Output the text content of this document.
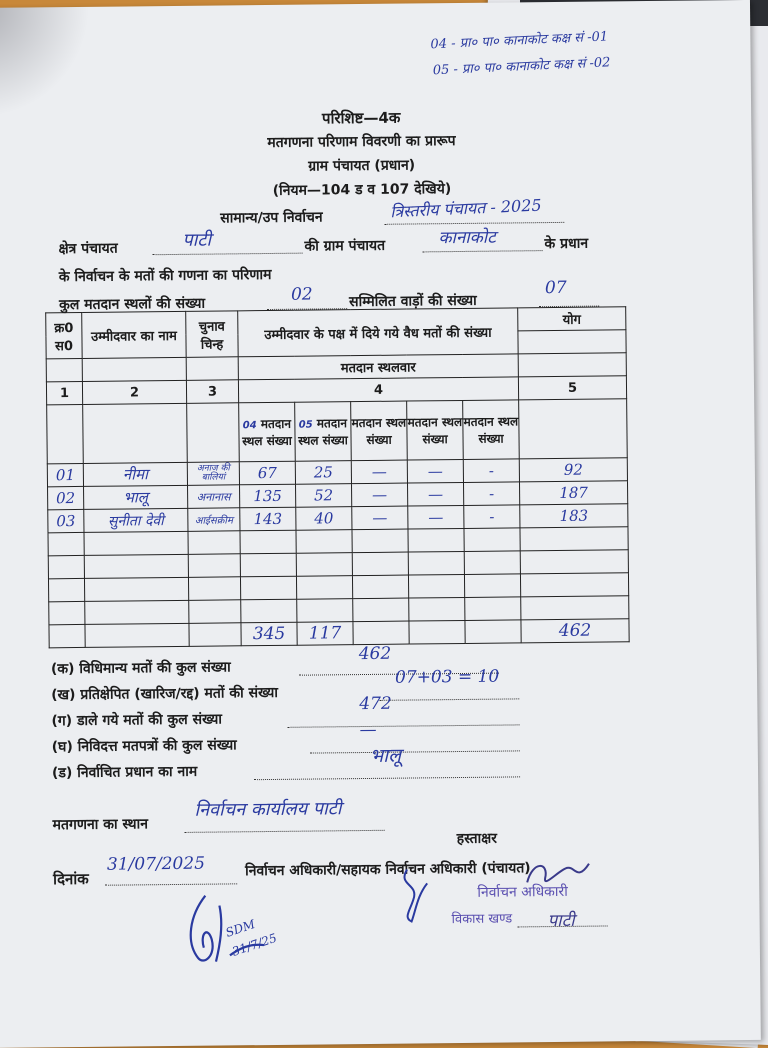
04 - प्रा० पा० कानाकोट कक्ष सं -01
05 - प्रा० पा० कानाकोट कक्ष सं -02
परिशिष्ट—4क
मतगणना परिणाम विवरणी का प्रारूप
ग्राम पंचायत (प्रधान)
(नियम—104 ड व 107 देखिये)
सामान्य/उप निर्वाचन	त्रिस्तरीय पंचायत - 2025
क्षेत्र पंचायत	पाटी	की ग्राम पंचायत	कानाकोट	के प्रधान
के निर्वाचन के मतों की गणना का परिणाम
कुल मतदान स्थलों की संख्या	02	सम्मिलित वाड़ों की संख्या
07
क्र0 स0	उम्मीदवार का नाम	चुनाव चिन्ह	उम्मीदवार के पक्ष में दिये गये वैध मतों की संख्या					योग

			मतदान स्थलवार					
1	2	3	4					5
			04 मतदान स्थल संख्या	05 मतदान स्थल संख्या	मतदान स्थल संख्या	मतदान स्थल संख्या	मतदान स्थल संख्या	
01	नीमा	अनाज की बालियां	67	25	—	—	-	92
02	भालू	अनानास	135	52	—	—	-	187
03	सुनीता देवी	आईसक्रीम	143	40	—	—	-	183

			345	117				462
(क) विधिमान्य मतों की कुल संख्या
462
(ख) प्रतिक्षेपित (खारिज/रद्द) मतों की संख्या
07+03 = 10
(ग) डाले गये मतों की कुल संख्या
472
(घ) निविदत्त मतपत्रों की कुल संख्या
—
(ड) निर्वाचित प्रधान का नाम
भालू
मतगणना का स्थान
निर्वाचन कार्यालय पाटी
हस्ताक्षर
दिनांक
31/07/2025	निर्वाचन अधिकारी/सहायक निर्वाचन अधिकारी (पंचायत)
निर्वाचन अधिकारी
विकास खण्ड पाटी
SDM 31/7/25
